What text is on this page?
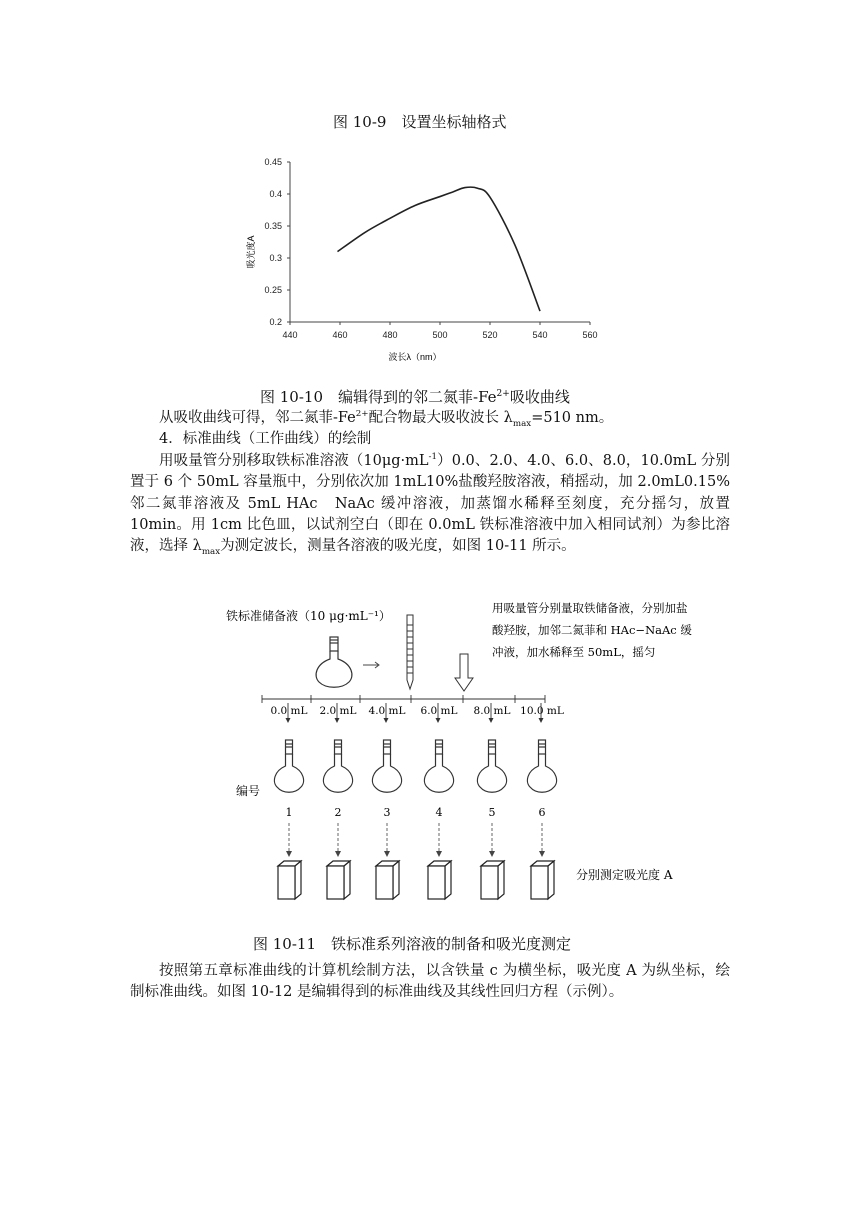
图 10-9　设置坐标轴格式
440	460	480	500	520	540	560
0.2
0.25
0.3
0.35
0.4
0.45
波长λ（nm）
吸光度A
图 10-10　编辑得到的邻二氮菲$-Fe^{2+}$吸收曲线

从吸收曲线可得，邻二氮菲$-Fe^{2+}$配合物最大吸收波长 $\lambda_{max}=510$ nm。

4．标准曲线（工作曲线）的绘制

用吸量管分别移取铁标准溶液$(10\mu g\cdot mL^{-1})0.0$、2.0、4.0、6.0、8.0，10.0mL 分别置于 6 个 50mL 容量瓶中，分别依次加 1mL10%盐酸羟胺溶液，稍摇动，加 2.0mL0.15%邻二氮菲溶液及 5mL HAc　NaAc 缓冲溶液，加蒸馏水稀释至刻度，充分摇匀，放置 10min。用 1cm 比色皿，以试剂空白（即在 0.0mL 铁标准溶液中加入相同试剂）为参比溶液，选择 $\lambda_{max}$为测定波长，测量各溶液的吸光度，如图 10-11 所示。

铁标准储备液（10 μg·mL⁻¹）
用吸量管分别量取铁储备液，分别加盐
酸羟胺，加邻二氮菲和 HAc−NaAc 缓
冲液，加水稀释至 50mL，摇匀
0.0 mL 2.0 mL 4.0 mL 6.0 mL 8.0 mL 10.0 mL
编号
1	2	3	4	5	6
分别测定吸光度 A
图 10-11　铁标准系列溶液的制备和吸光度测定

按照第五章标准曲线的计算机绘制方法，以含铁量 c 为横坐标，吸光度 A 为纵坐标，绘制标准曲线。如图 10-12 是编辑得到的标准曲线及其线性回归方程（示例）。
